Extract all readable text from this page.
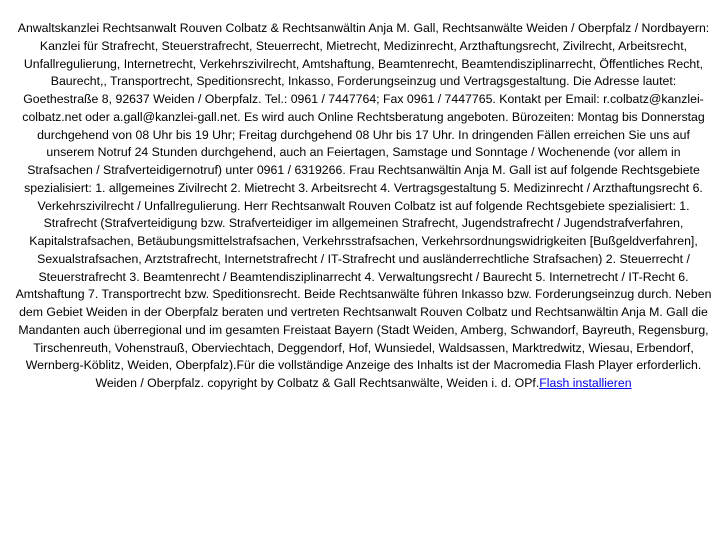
Anwaltskanzlei Rechtsanwalt Rouven Colbatz & Rechtsanwältin Anja M. Gall, Rechtsanwälte Weiden / Oberpfalz / Nordbayern: Kanzlei für Strafrecht, Steuerstrafrecht, Steuerrecht, Mietrecht, Medizinrecht, Arzthaftungsrecht, Zivilrecht, Arbeitsrecht, Unfallregulierung, Internetrecht, Verkehrszivilrecht, Amtshaftung, Beamtenrecht, Beamtendisziplinarrecht, Öffentliches Recht, Baurecht,, Transportrecht, Speditionsrecht, Inkasso, Forderungseinzug und Vertragsgestaltung. Die Adresse lautet: Goethestraße 8, 92637 Weiden / Oberpfalz. Tel.: 0961 / 7447764; Fax 0961 / 7447765. Kontakt per Email: r.colbatz@kanzlei-colbatz.net oder a.gall@kanzlei-gall.net. Es wird auch Online Rechtsberatung angeboten. Bürozeiten: Montag bis Donnerstag durchgehend von 08 Uhr bis 19 Uhr; Freitag durchgehend 08 Uhr bis 17 Uhr. In dringenden Fällen erreichen Sie uns auf unserem Notruf 24 Stunden durchgehend, auch an Feiertagen, Samstage und Sonntage / Wochenende (vor allem in Strafsachen / Strafverteidigernotruf) unter 0961 / 6319266. Frau Rechtsanwältin Anja M. Gall ist auf folgende Rechtsgebiete spezialisiert: 1. allgemeines Zivilrecht 2. Mietrecht 3. Arbeitsrecht 4. Vertragsgestaltung 5. Medizinrecht / Arzthaftungsrecht 6. Verkehrszivilrecht / Unfallregulierung. Herr Rechtsanwalt Rouven Colbatz ist auf folgende Rechtsgebiete spezialisiert: 1. Strafrecht (Strafverteidigung bzw. Strafverteidiger im allgemeinen Strafrecht, Jugendstrafrecht / Jugendstrafverfahren, Kapitalstrafsachen, Betäubungsmittelstrafsachen, Verkehrsstrafsachen, Verkehrsordnungswidrigkeiten [Bußgeldverfahren], Sexualstrafsachen, Arztstrafrecht, Internetstrafrecht / IT-Strafrecht und ausländerrechtliche Strafsachen) 2. Steuerrecht / Steuerstrafrecht 3. Beamtenrecht / Beamtendisziplinarrecht 4. Verwaltungsrecht / Baurecht 5. Internetrecht / IT-Recht 6. Amtshaftung 7. Transportrecht bzw. Speditionsrecht. Beide Rechtsanwälte führen Inkasso bzw. Forderungseinzug durch. Neben dem Gebiet Weiden in der Oberpfalz beraten und vertreten Rechtsanwalt Rouven Colbatz und Rechtsanwältin Anja M. Gall die Mandanten auch überregional und im gesamten Freistaat Bayern (Stadt Weiden, Amberg, Schwandorf, Bayreuth, Regensburg, Tirschenreuth, Vohenstrauß, Oberviechtach, Deggendorf, Hof, Wunsiedel, Waldsassen, Marktredwitz, Wiesau, Erbendorf, Wernberg-Köblitz, Weiden, Oberpfalz).Für die vollständige Anzeige des Inhalts ist der Macromedia Flash Player erforderlich. Weiden / Oberpfalz. copyright by Colbatz & Gall Rechtsanwälte, Weiden i. d. OPf.Flash installieren
